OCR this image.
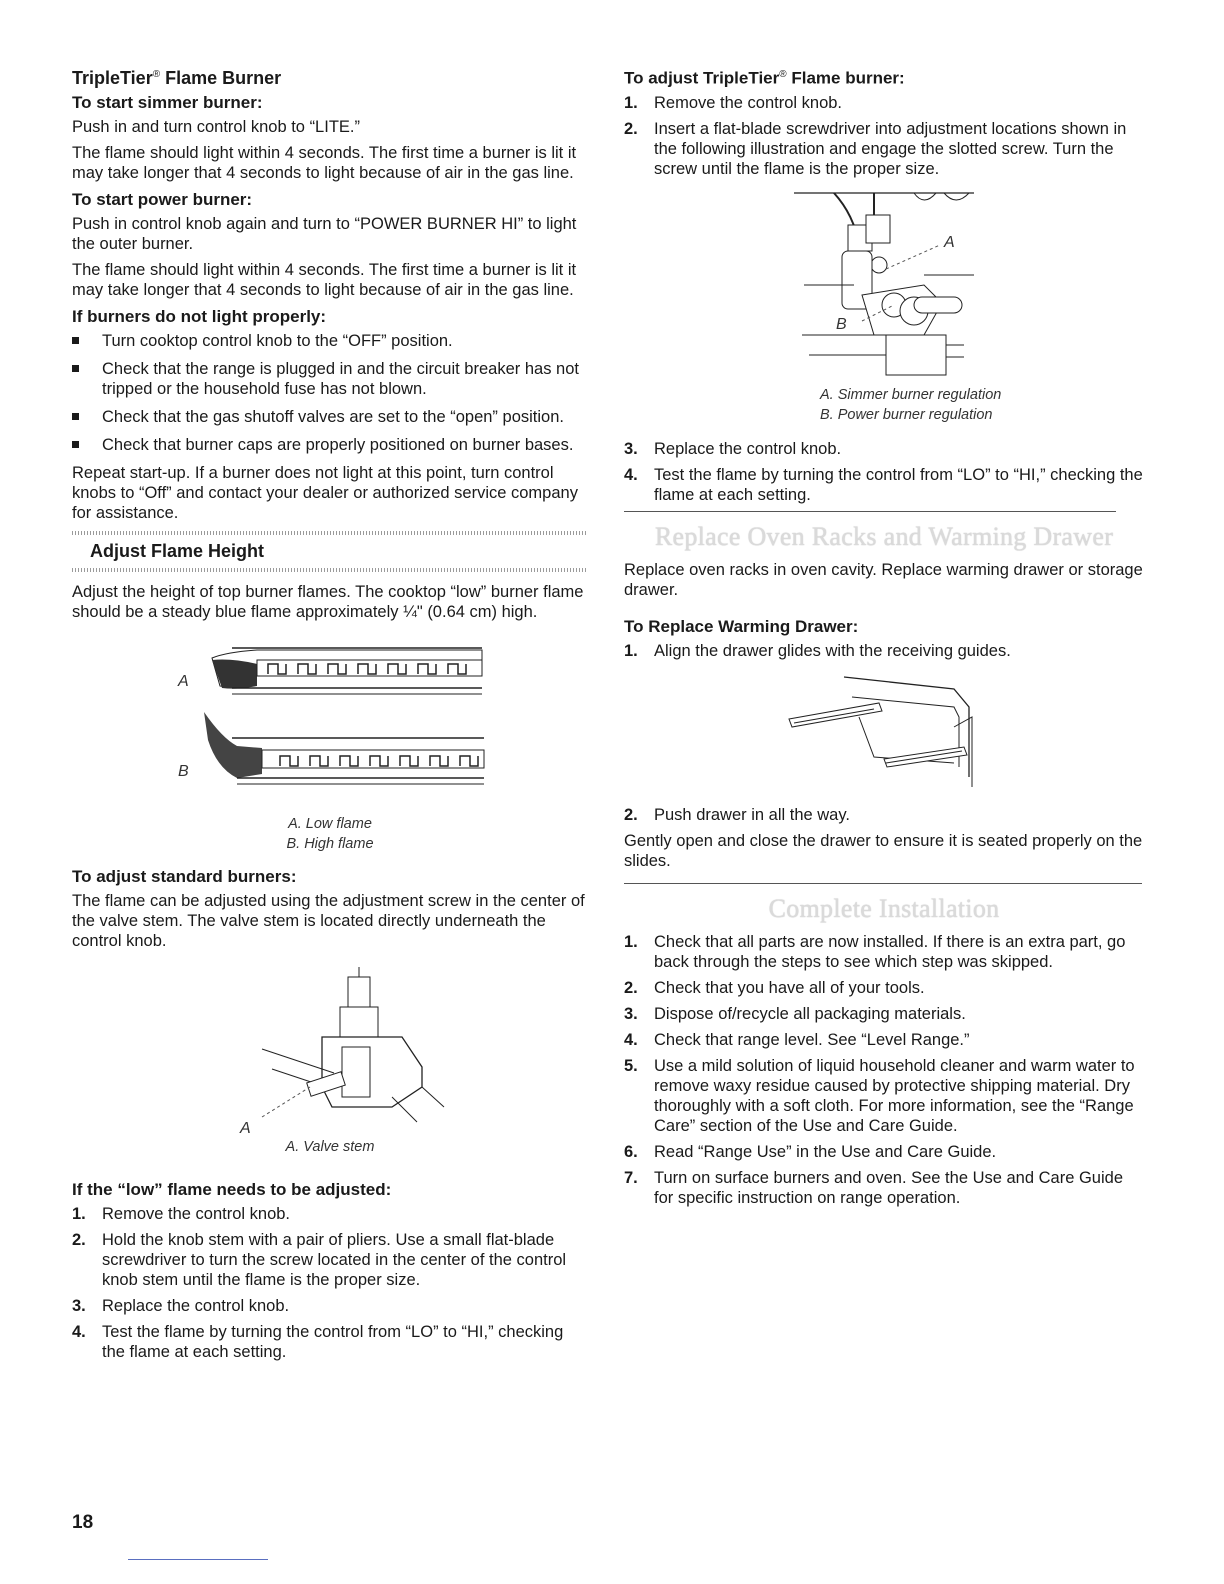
TripleTier® Flame Burner
To start simmer burner:

Push in and turn control knob to “LITE.”

The flame should light within 4 seconds. The first time a burner is lit it may take longer that 4 seconds to light because of air in the gas line.

To start power burner:

Push in control knob again and turn to “POWER BURNER HI” to light the outer burner.

The flame should light within 4 seconds. The first time a burner is lit it may take longer that 4 seconds to light because of air in the gas line.

If burners do not light properly:
Turn cooktop control knob to the “OFF” position.
Check that the range is plugged in and the circuit breaker has not tripped or the household fuse has not blown.
Check that the gas shutoff valves are set to the “open” position.
Check that burner caps are properly positioned on burner bases.

Repeat start-up. If a burner does not light at this point, turn control knobs to “Off” and contact your dealer or authorized service company for assistance.

Adjust Flame Height

Adjust the height of top burner flames. The cooktop “low” burner flame should be a steady blue flame approximately ¼" (0.64 cm) high.

A
B
A. Low flame
B. High flame
To adjust standard burners:

The flame can be adjusted using the adjustment screw in the center of the valve stem. The valve stem is located directly underneath the control knob.

A
A. Valve stem
If the “low” flame needs to be adjusted:
1. Remove the control knob.
2. Hold the knob stem with a pair of pliers. Use a small flat-blade screwdriver to turn the screw located in the center of the control knob stem until the flame is the proper size.
3. Replace the control knob.
4. Test the flame by turning the control from “LO” to “HI,” checking the flame at each setting.
To adjust TripleTier® Flame burner:
1. Remove the control knob.
2. Insert a flat-blade screwdriver into adjustment locations shown in the following illustration and engage the slotted screw. Turn the screw until the flame is the proper size.
A
B
A. Simmer burner regulation
B. Power burner regulation
3. Replace the control knob.
4. Test the flame by turning the control from “LO” to “HI,” checking the flame at each setting.
Replace Oven Racks and Warming Drawer

Replace oven racks in oven cavity. Replace warming drawer or storage drawer.

To Replace Warming Drawer:
1. Align the drawer glides with the receiving guides.
2. Push drawer in all the way.

Gently open and close the drawer to ensure it is seated properly on the slides.

Complete Installation
1. Check that all parts are now installed. If there is an extra part, go back through the steps to see which step was skipped.
2. Check that you have all of your tools.
3. Dispose of/recycle all packaging materials.
4. Check that range level. See “Level Range.”
5. Use a mild solution of liquid household cleaner and warm water to remove waxy residue caused by protective shipping material. Dry thoroughly with a soft cloth. For more information, see the “Range Care” section of the Use and Care Guide.
6. Read “Range Use” in the Use and Care Guide.
7. Turn on surface burners and oven. See the Use and Care Guide for specific instruction on range operation.
18
